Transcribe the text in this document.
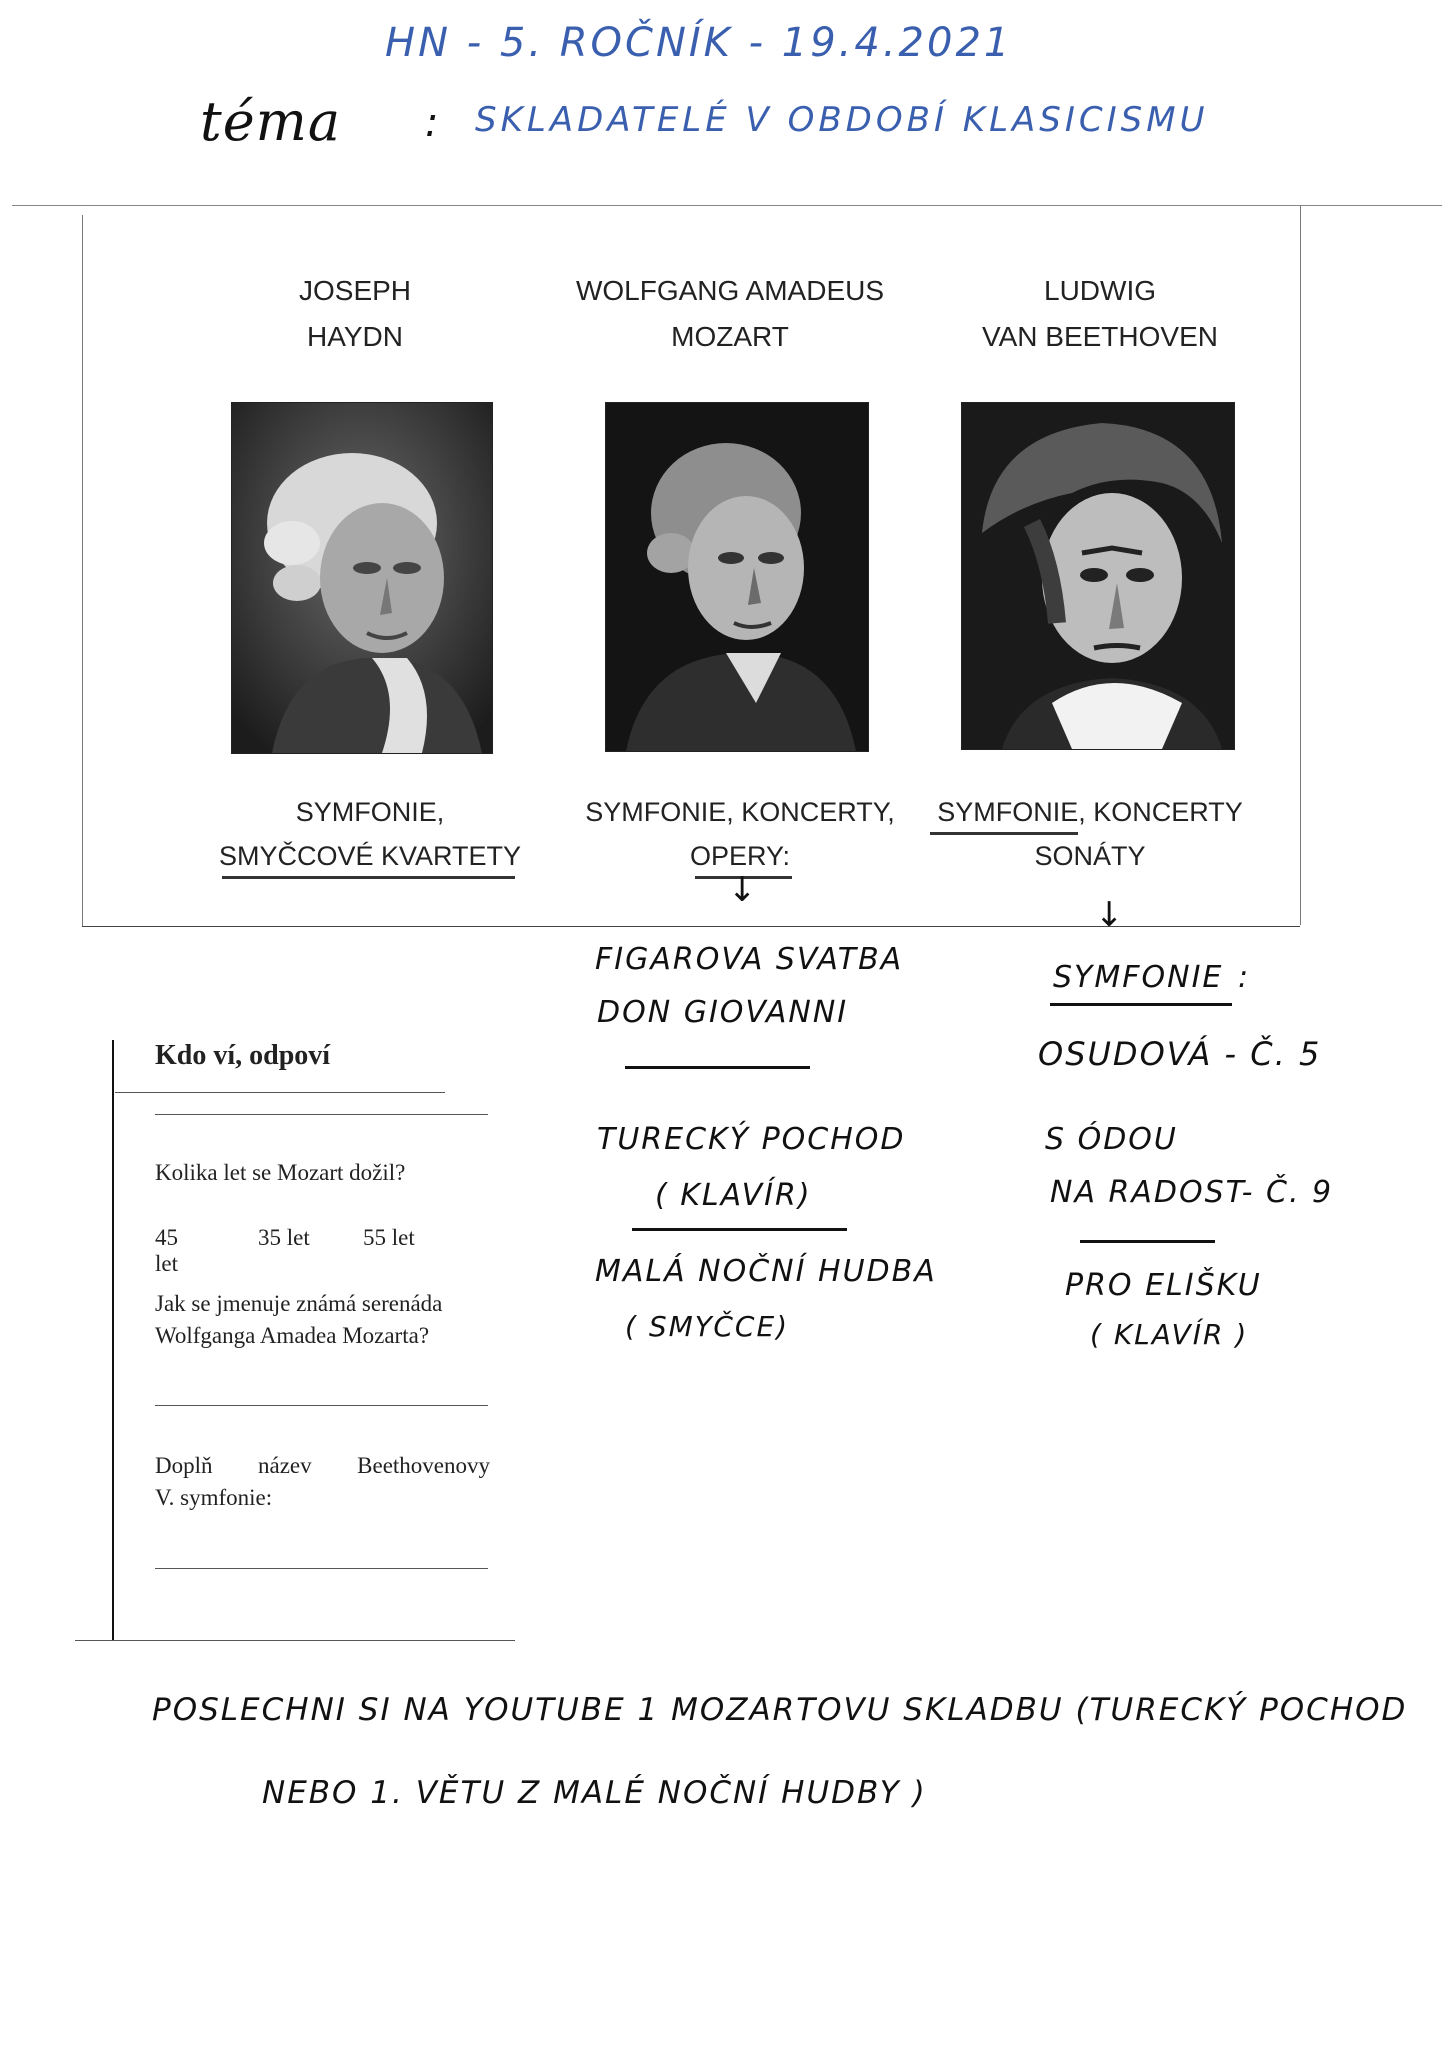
HN - 5. ROČNÍK - 19.4.2021
téma : SKLADATELÉ V OBDOBÍ KLASICISMU
JOSEPH
HAYDN
WOLFGANG AMADEUS
MOZART
LUDWIG
VAN BEETHOVEN
SYMFONIE,
SMYČCOVÉ KVARTETY
SYMFONIE, KONCERTY,
OPERY:
SYMFONIE, KONCERTY
SONÁTY
↓
FIGAROVA SVATBA
DON GIOVANNI
TURECKÝ POCHOD
( KLAVÍR)
MALÁ NOČNÍ HUDBA
( SMYČCE)
↓
SYMFONIE :
OSUDOVÁ - Č. 5
S ÓDOU
NA RADOST- Č. 9
PRO ELIŠKU
( KLAVÍR )
Kdo ví, odpoví
Kolika let se Mozart dožil?
45 let
35 let 55 let
Jak se jmenuje známá serenáda
Wolfganga Amadea Mozarta?
Doplň název Beethovenovy
V. symfonie:
POSLECHNI SI NA YOUTUBE 1 MOZARTOVU SKLADBU (TURECKÝ POCHOD
NEBO 1. VĚTU Z MALÉ NOČNÍ HUDBY )
